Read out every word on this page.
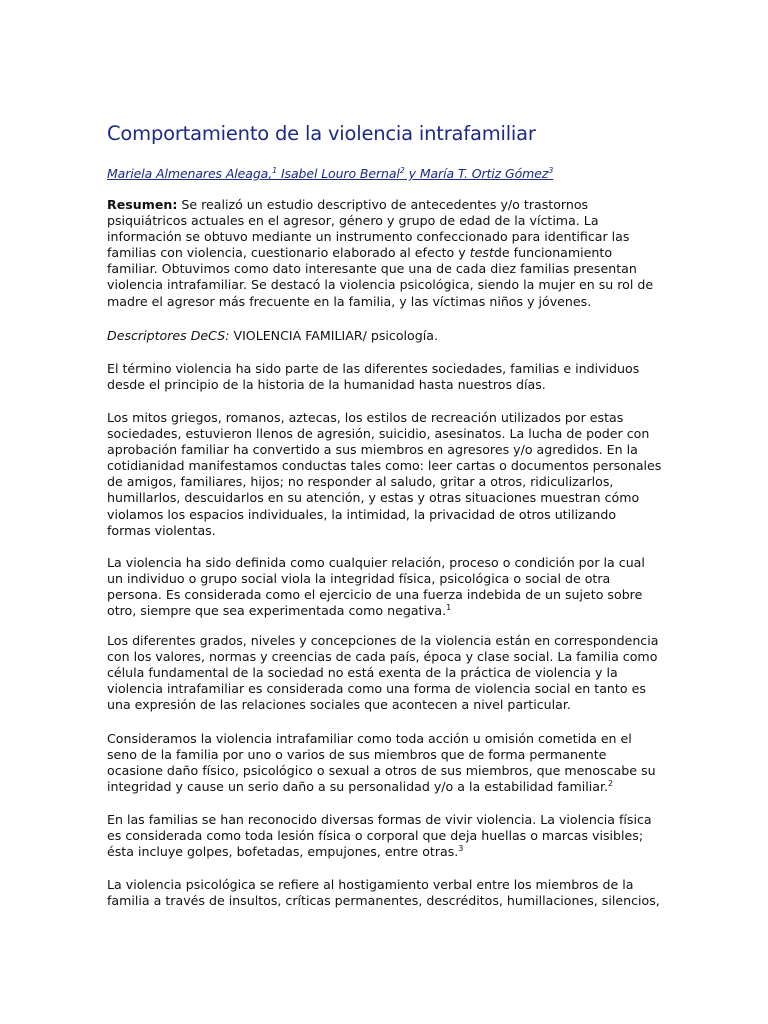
Comportamiento de la violencia intrafamiliar

Mariela Almenares Aleaga,$^1$ Isabel Louro Bernal$^2$ y María T. Ortiz Gómez$^3$

Resumen: Se realizó un estudio descriptivo de antecedentes y/o trastornos
psiquiátricos actuales en el agresor, género y grupo de edad de la víctima. La
información se obtuvo mediante un instrumento confeccionado para identificar las
familias con violencia, cuestionario elaborado al efecto y testde funcionamiento
familiar. Obtuvimos como dato interesante que una de cada diez familias presentan
violencia intrafamiliar. Se destacó la violencia psicológica, siendo la mujer en su rol de
madre el agresor más frecuente en la familia, y las víctimas niños y jóvenes.

Descriptores DeCS: VIOLENCIA FAMILIAR/ psicología.

El término violencia ha sido parte de las diferentes sociedades, familias e individuos
desde el principio de la historia de la humanidad hasta nuestros días.

Los mitos griegos, romanos, aztecas, los estilos de recreación utilizados por estas
sociedades, estuvieron llenos de agresión, suicidio, asesinatos. La lucha de poder con
aprobación familiar ha convertido a sus miembros en agresores y/o agredidos. En la
cotidianidad manifestamos conductas tales como: leer cartas o documentos personales
de amigos, familiares, hijos; no responder al saludo, gritar a otros, ridiculizarlos,
humillarlos, descuidarlos en su atención, y estas y otras situaciones muestran cómo
violamos los espacios individuales, la intimidad, la privacidad de otros utilizando
formas violentas.

La violencia ha sido definida como cualquier relación, proceso o condición por la cual
un individuo o grupo social viola la integridad física, psicológica o social de otra
persona. Es considerada como el ejercicio de una fuerza indebida de un sujeto sobre
otro, siempre que sea experimentada como negativa.$^1$

Los diferentes grados, niveles y concepciones de la violencia están en correspondencia
con los valores, normas y creencias de cada país, época y clase social. La familia como
célula fundamental de la sociedad no está exenta de la práctica de violencia y la
violencia intrafamiliar es considerada como una forma de violencia social en tanto es
una expresión de las relaciones sociales que acontecen a nivel particular.

Consideramos la violencia intrafamiliar como toda acción u omisión cometida en el
seno de la familia por uno o varios de sus miembros que de forma permanente
ocasione daño físico, psicológico o sexual a otros de sus miembros, que menoscabe su
integridad y cause un serio daño a su personalidad y/o a la estabilidad familiar.$^2$

En las familias se han reconocido diversas formas de vivir violencia. La violencia física
es considerada como toda lesión física o corporal que deja huellas o marcas visibles;
ésta incluye golpes, bofetadas, empujones, entre otras.$^3$

La violencia psicológica se refiere al hostigamiento verbal entre los miembros de la
familia a través de insultos, críticas permanentes, descréditos, humillaciones, silencios,
